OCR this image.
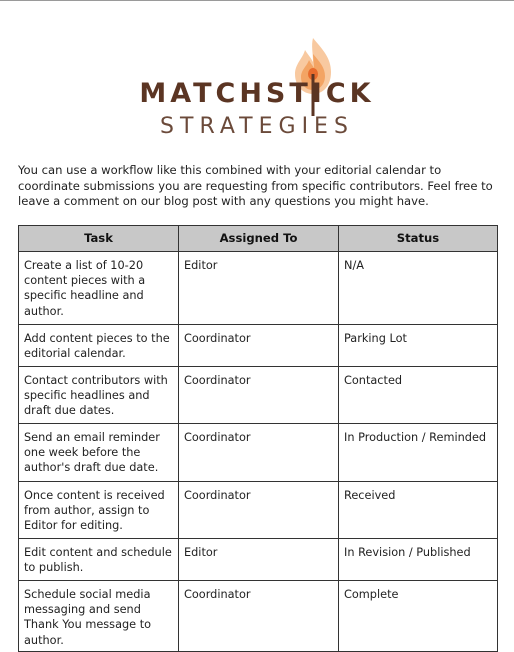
MATCHSTICK
STRATEGIES
You can use a workflow like this combined with your editorial calendar to coordinate submissions you are requesting from specific contributors. Feel free to leave a comment on our blog post with any questions you might have.
Task	Assigned To	Status
Create a list of 10-20 content pieces with a specific headline and author.	Editor	N/A
Add content pieces to the editorial calendar.	Coordinator	Parking Lot
Contact contributors with specific headlines and draft due dates.	Coordinator	Contacted
Send an email reminder one week before the author's draft due date.	Coordinator	In Production / Reminded
Once content is received from author, assign to Editor for editing.	Coordinator	Received
Edit content and schedule to publish.	Editor	In Revision / Published
Schedule social media messaging and send Thank You message to author.	Coordinator	Complete
